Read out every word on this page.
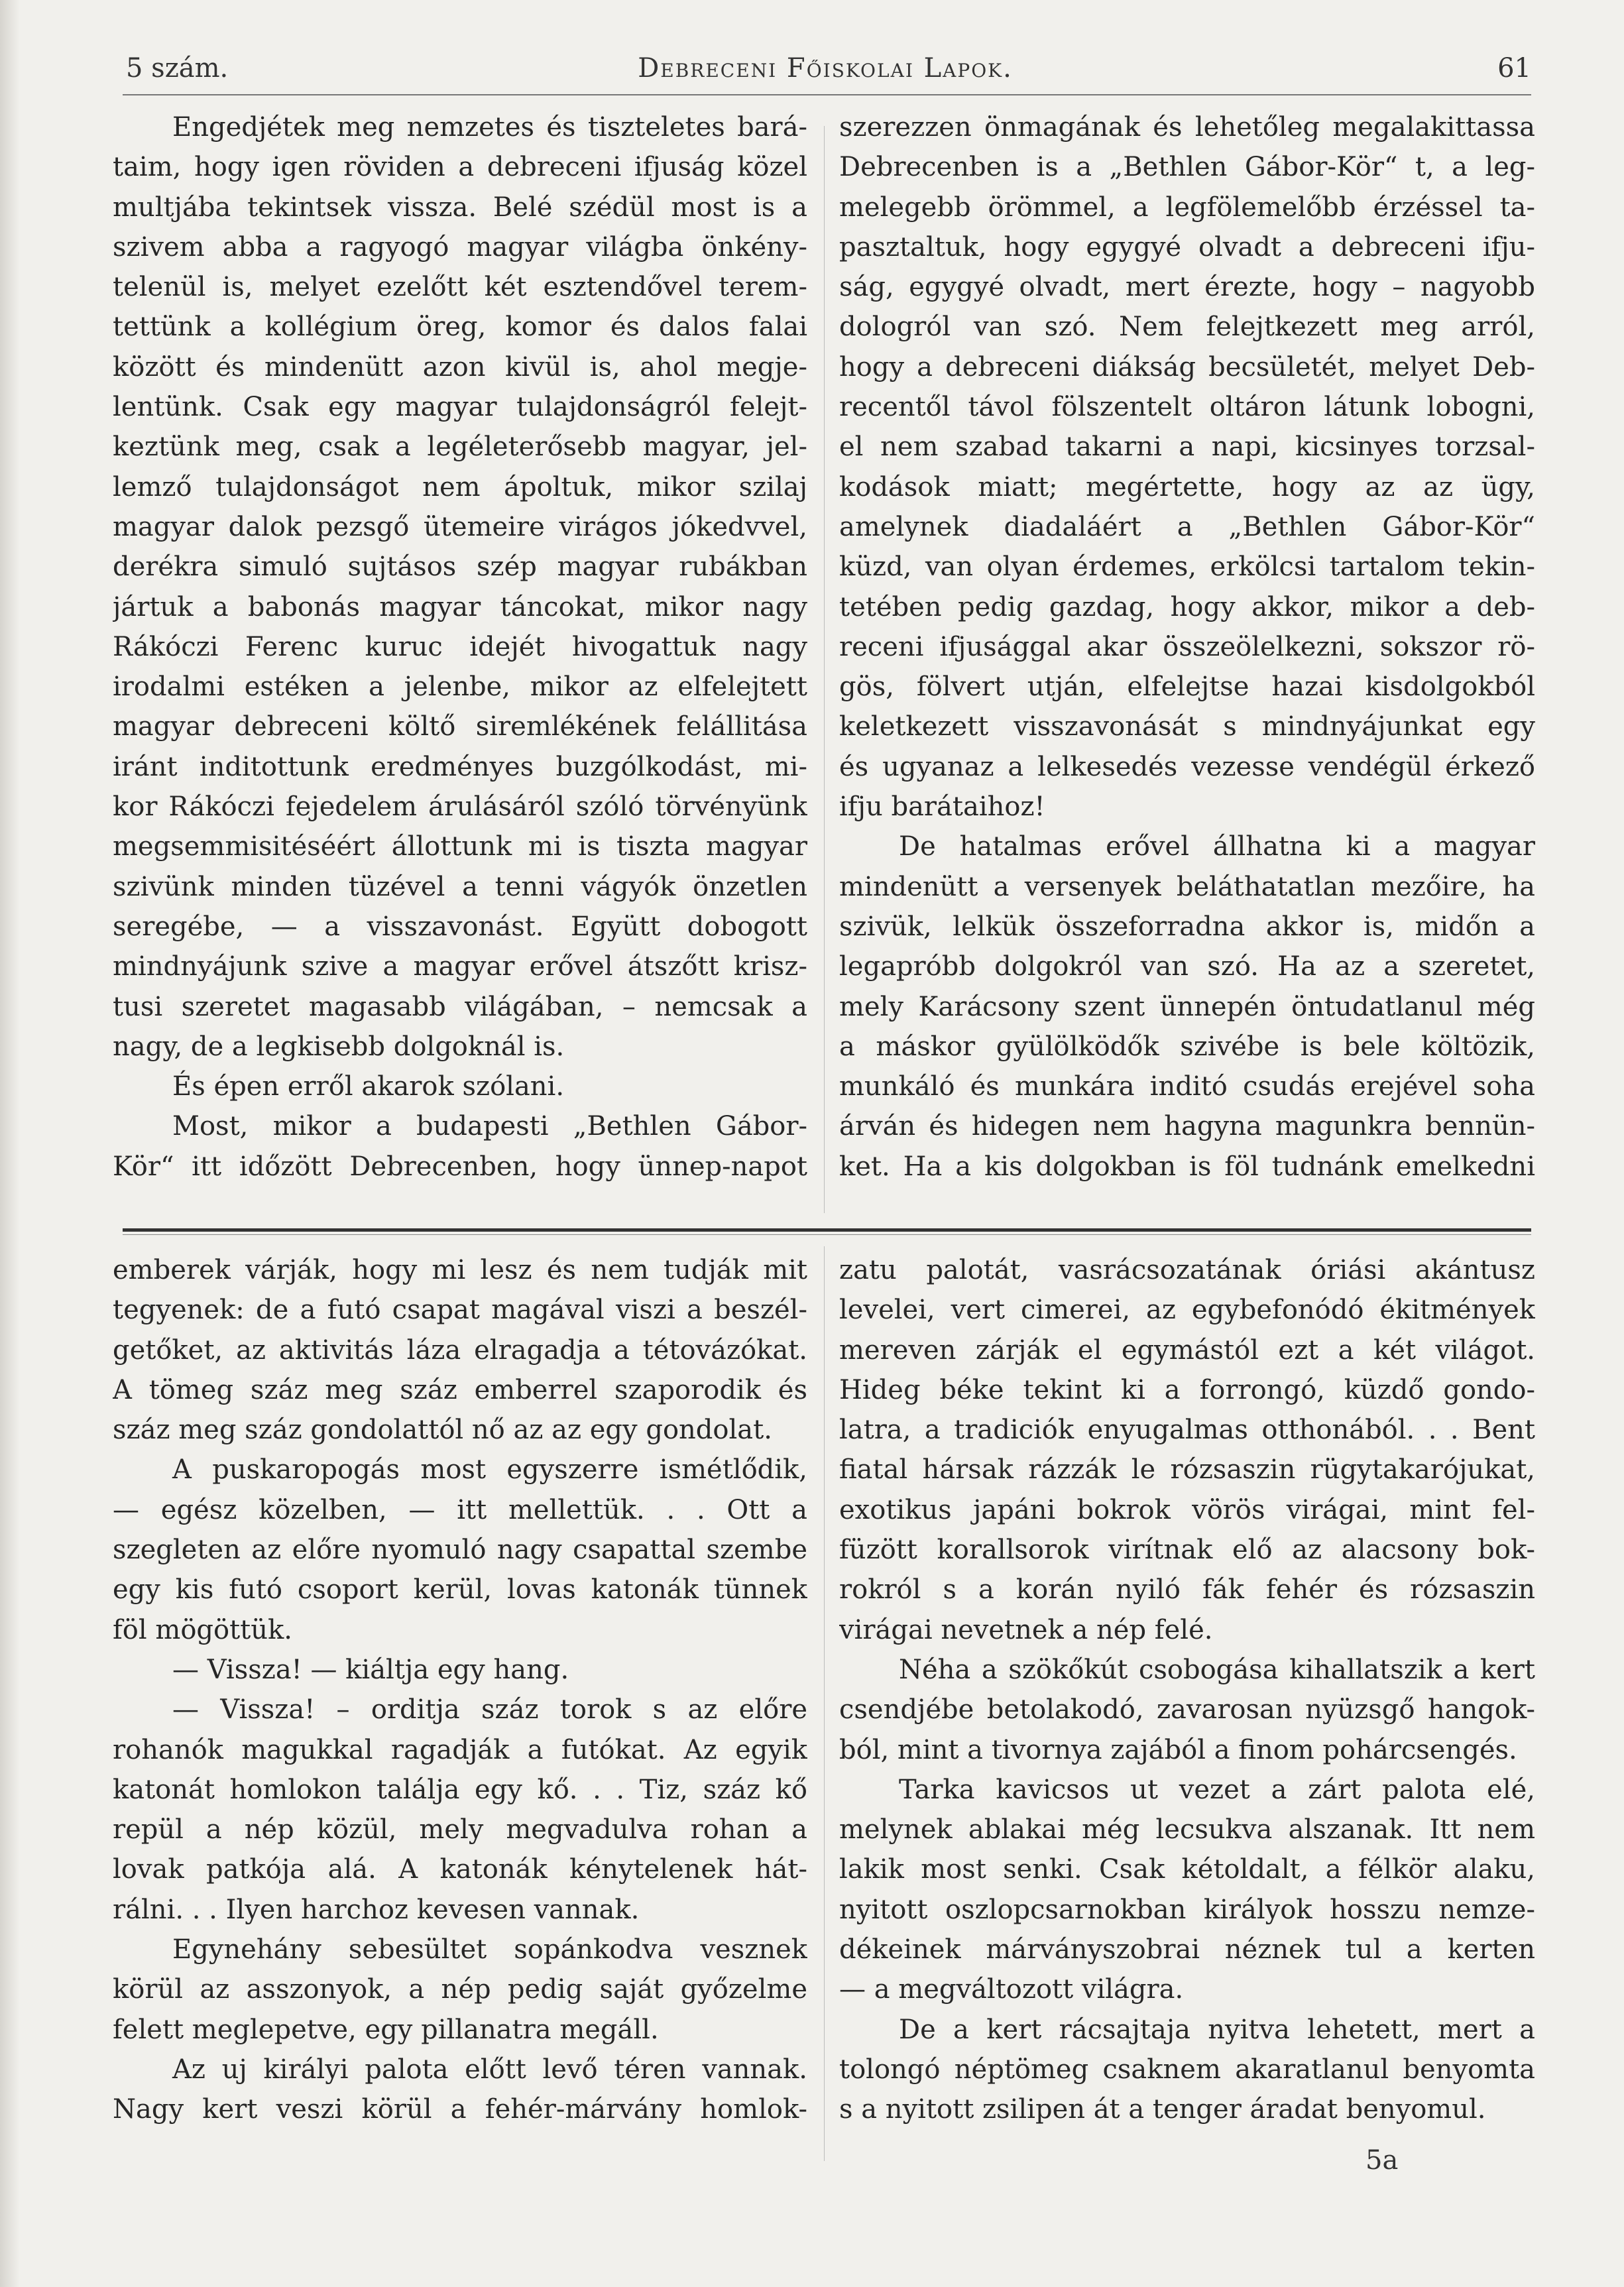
5 szám.	Debreceni Főiskolai Lapok.	61
Engedjétek meg nemzetes és tiszteletes bará-
taim, hogy igen röviden a debreceni ifjuság közel
multjába tekintsek vissza. Belé szédül most is a
szivem abba a ragyogó magyar világba önkény-
telenül is, melyet ezelőtt két esztendővel terem-
tettünk a kollégium öreg, komor és dalos falai
között és mindenütt azon kivül is, ahol megje-
lentünk. Csak egy magyar tulajdonságról felejt-
keztünk meg, csak a legéleterősebb magyar, jel-
lemző tulajdonságot nem ápoltuk, mikor szilaj
magyar dalok pezsgő ütemeire virágos jókedvvel,
derékra simuló sujtásos szép magyar rubákban
jártuk a babonás magyar táncokat, mikor nagy
Rákóczi Ferenc kuruc idejét hivogattuk nagy
irodalmi estéken a jelenbe, mikor az elfelejtett
magyar debreceni költő siremlékének felállitása
iránt inditottunk eredményes buzgólkodást, mi-
kor Rákóczi fejedelem árulásáról szóló törvényünk
megsemmisitéséért állottunk mi is tiszta magyar
szivünk minden tüzével a tenni vágyók önzetlen
seregébe, — a visszavonást. Együtt dobogott
mindnyájunk szive a magyar erővel átszőtt krisz-
tusi szeretet magasabb világában, – nemcsak a
nagy, de a legkisebb dolgoknál is.
És épen erről akarok szólani.
Most, mikor a budapesti „Bethlen Gábor-
Kör“ itt időzött Debrecenben, hogy ünnep-napot
szerezzen önmagának és lehetőleg megalakittassa
Debrecenben is a „Bethlen Gábor-Kör“ t, a leg-
melegebb örömmel, a legfölemelőbb érzéssel ta-
pasztaltuk, hogy egygyé olvadt a debreceni ifju-
ság, egygyé olvadt, mert érezte, hogy – nagyobb
dologról van szó. Nem felejtkezett meg arról,
hogy a debreceni diákság becsületét, melyet Deb-
recentől távol fölszentelt oltáron látunk lobogni,
el nem szabad takarni a napi, kicsinyes torzsal-
kodások miatt; megértette, hogy az az ügy,
amelynek diadaláért a „Bethlen Gábor-Kör“
küzd, van olyan érdemes, erkölcsi tartalom tekin-
tetében pedig gazdag, hogy akkor, mikor a deb-
receni ifjusággal akar összeölelkezni, sokszor rö-
gös, fölvert utján, elfelejtse hazai kisdolgokból
keletkezett visszavonását s mindnyájunkat egy
és ugyanaz a lelkesedés vezesse vendégül érkező
ifju barátaihoz!
De hatalmas erővel állhatna ki a magyar
mindenütt a versenyek beláthatatlan mezőire, ha
szivük, lelkük összeforradna akkor is, midőn a
legapróbb dolgokról van szó. Ha az a szeretet,
mely Karácsony szent ünnepén öntudatlanul még
a máskor gyülölködők szivébe is bele költözik,
munkáló és munkára inditó csudás erejével soha
árván és hidegen nem hagyna magunkra bennün-
ket. Ha a kis dolgokban is föl tudnánk emelkedni
emberek várják, hogy mi lesz és nem tudják mit
tegyenek: de a futó csapat magával viszi a beszél-
getőket, az aktivitás láza elragadja a tétovázókat.
A tömeg száz meg száz emberrel szaporodik és
száz meg száz gondolattól nő az az egy gondolat.
A puskaropogás most egyszerre ismétlődik,
— egész közelben, — itt mellettük. . . Ott a
szegleten az előre nyomuló nagy csapattal szembe
egy kis futó csoport kerül, lovas katonák tünnek
föl mögöttük.
— Vissza! — kiáltja egy hang.
— Vissza! – orditja száz torok s az előre
rohanók magukkal ragadják a futókat. Az egyik
katonát homlokon találja egy kő. . . Tiz, száz kő
repül a nép közül, mely megvadulva rohan a
lovak patkója alá. A katonák kénytelenek hát-
rálni. . . Ilyen harchoz kevesen vannak.
Egynehány sebesültet sopánkodva vesznek
körül az asszonyok, a nép pedig saját győzelme
felett meglepetve, egy pillanatra megáll.
Az uj királyi palota előtt levő téren vannak.
Nagy kert veszi körül a fehér-márvány homlok-
zatu palotát, vasrácsozatának óriási akántusz
levelei, vert cimerei, az egybefonódó ékitmények
mereven zárják el egymástól ezt a két világot.
Hideg béke tekint ki a forrongó, küzdő gondo-
latra, a tradiciók enyugalmas otthonából. . . Bent
fiatal hársak rázzák le rózsaszin rügytakarójukat,
exotikus japáni bokrok vörös virágai, mint fel-
füzött korallsorok virítnak elő az alacsony bok-
rokról s a korán nyiló fák fehér és rózsaszin
virágai nevetnek a nép felé.
Néha a szökőkút csobogása kihallatszik a kert
csendjébe betolakodó, zavarosan nyüzsgő hangok-
ból, mint a tivornya zajából a finom pohárcsengés.
Tarka kavicsos ut vezet a zárt palota elé,
melynek ablakai még lecsukva alszanak. Itt nem
lakik most senki. Csak kétoldalt, a félkör alaku,
nyitott oszlopcsarnokban királyok hosszu nemze-
dékeinek márványszobrai néznek tul a kerten
— a megváltozott világra.
De a kert rácsajtaja nyitva lehetett, mert a
tolongó néptömeg csaknem akaratlanul benyomta
s a nyitott zsilipen át a tenger áradat benyomul.
5a
